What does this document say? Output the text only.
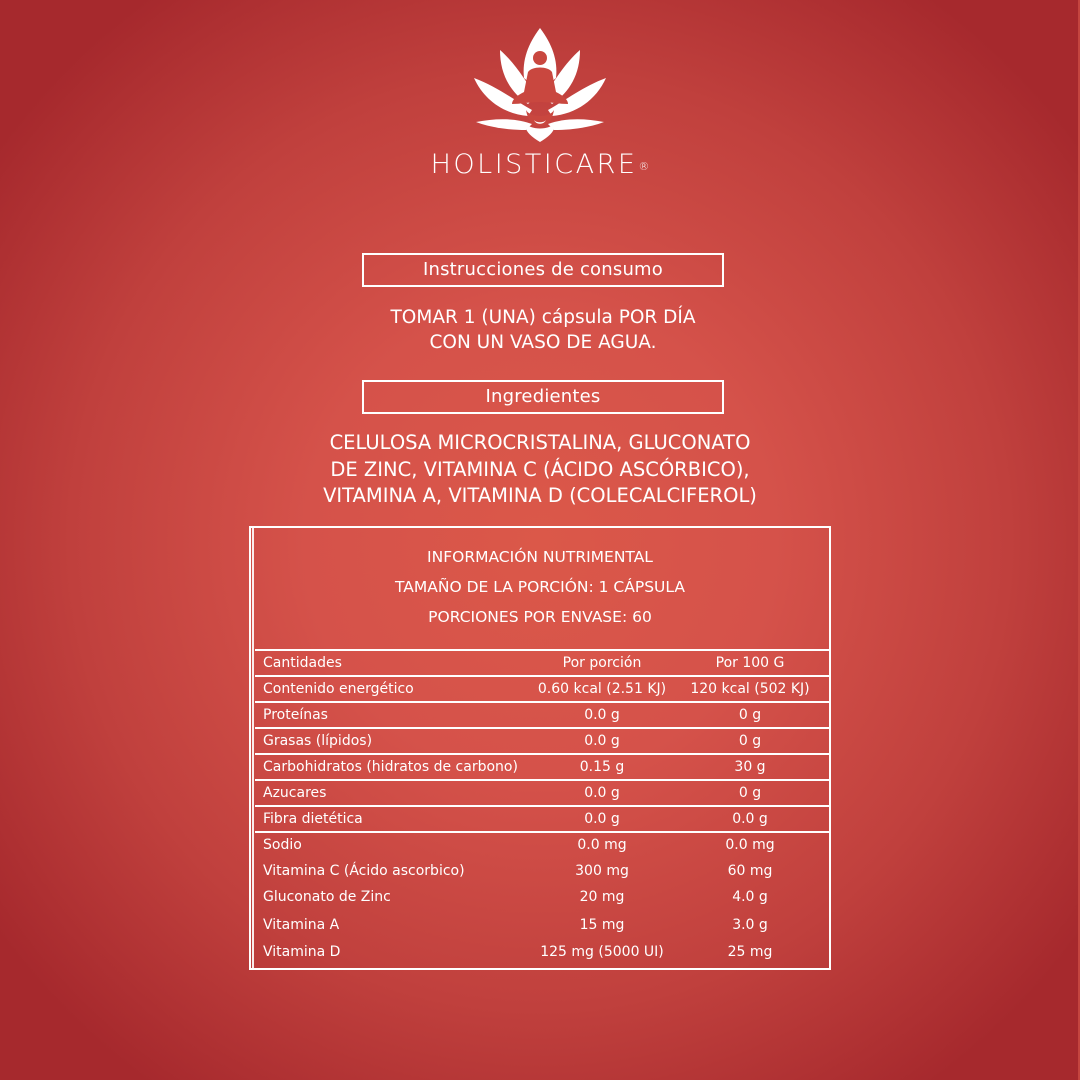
HOLISTICARE®
Instrucciones de consumo
TOMAR 1 (UNA) cápsula POR DÍA
CON UN VASO DE AGUA.
Ingredientes
CELULOSA MICROCRISTALINA, GLUCONATO
DE ZINC, VITAMINA C (ÁCIDO ASCÓRBICO),
VITAMINA A, VITAMINA D (COLECALCIFEROL)
INFORMACIÓN NUTRIMENTAL
TAMAÑO DE LA PORCIÓN: 1 CÁPSULA
PORCIONES POR ENVASE: 60
Cantidades	Por porción	Por 100 G
Contenido energético	0.60 kcal (2.51 KJ)	120 kcal (502 KJ)
Proteínas	0.0 g	0 g
Grasas (lípidos)	0.0 g	0 g
Carbohidratos (hidratos de carbono)	0.15 g	30 g
Azucares	0.0 g	0 g
Fibra dietética	0.0 g	0.0 g
Sodio	0.0 mg	0.0 mg
Vitamina C (Ácido ascorbico)	300 mg	60 mg
Gluconato de Zinc	20 mg	4.0 g
Vitamina A	15 mg	3.0 g
Vitamina D	125 mg (5000 UI)	25 mg
